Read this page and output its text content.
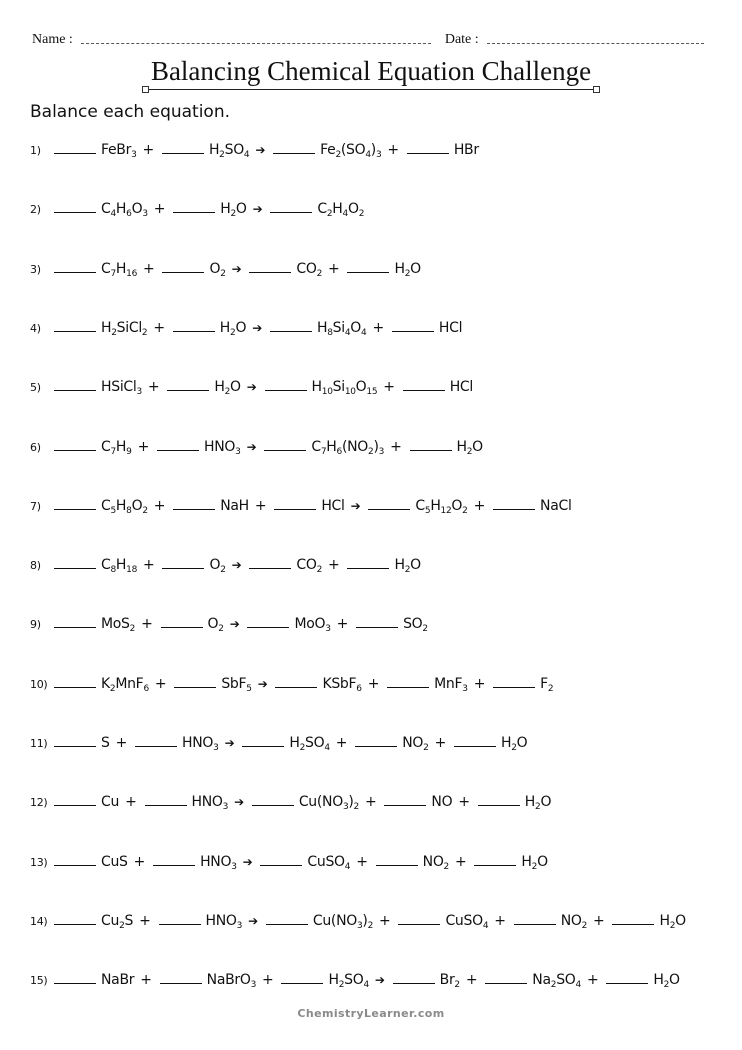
Name :	Date :
Balancing Chemical Equation Challenge
Balance each equation.
1)	FeBr$_3$ +	$H_2SO_4$ ➔	$Fe_2(SO_4)_3$ +	HBr
2)	$C_4H_6O_3$ +	$H_2O$ ➔	$C_2H_4O_2$
3)	$C_7H_{16}$ +	$O_2$ ➔	$CO_2$ +	$H_2O$
4)	$H_2SiCl_2$ +	$H_2O$ ➔	$H_8Si_4O_4$ +	HCl
5)	HSiCl$_3$ +	$H_2O$ ➔	$H_{10}Si_{10}O_{15}$ +	HCl
6)	$C_7H_9$ +	$HNO_3$ ➔	$C_7H_6(NO_2)_3$ +	$H_2O$
7)	$C_5H_8O_2$ +	NaH +	HCl ➔	$C_5H_{12}O_2$ +	NaCl
8)	$C_8H_{18}$ +	$O_2$ ➔	$CO_2$ +	$H_2O$
9)	MoS$_2$ +	$O_2$ ➔	MoO$_3$ +	$SO_2$
10)	$K_2MnF_6$ +	SbF$_5$ ➔	KSbF$_6$ +	MnF$_3$ +	$F_2$
11)	S +	$HNO_3$ ➔	$H_2SO_4$ +	$NO_2$ +	$H_2O$
12)	Cu +	$HNO_3$ ➔	$Cu(NO_3)_2$ +	NO +	$H_2O$
13)	CuS +	$HNO_3$ ➔	CuSO$_4$ +	$NO_2$ +	$H_2O$
14)	$Cu_2S$ +	$HNO_3$ ➔	$Cu(NO_3)_2$ +	CuSO$_4$ +	$NO_2$ +	$H_2O$
15)	NaBr +	NaBrO$_3$ +	$H_2SO_4$ ➔	$Br_2$ +	$Na_2SO_4$ +	$H_2O$
ChemistryLearner.com
